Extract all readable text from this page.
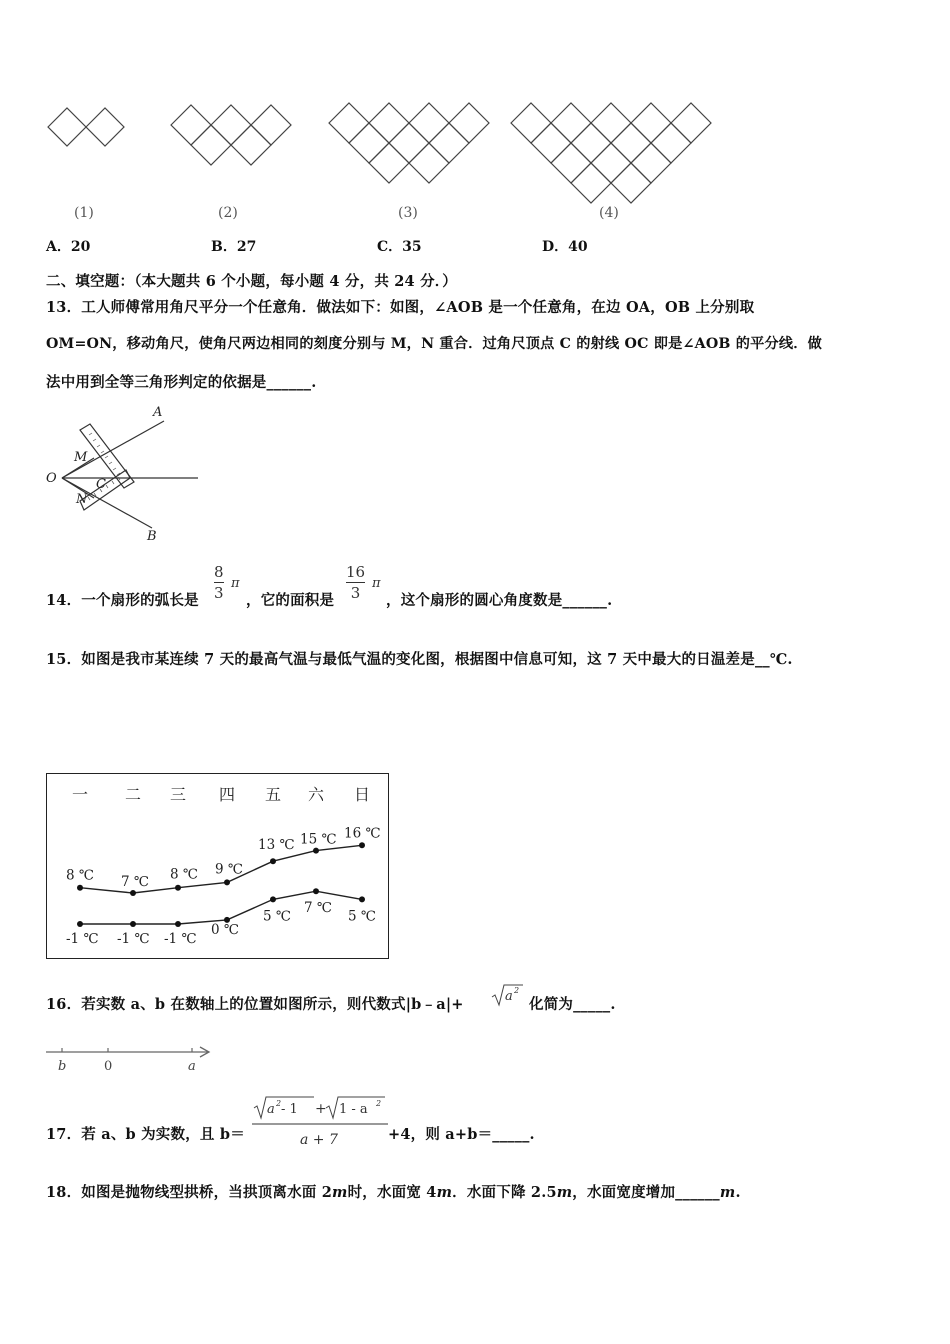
(1)	(2)	(3)	(4)
A．20	B．27	C．35	D．40
二、填空题：（本大题共 6 个小题，每小题 4 分，共 24 分．）
13．工人师傅常用角尺平分一个任意角．做法如下：如图，∠AOB 是一个任意角，在边 OA，OB 上分别取
OM=ON，移动角尺，使角尺两边相同的刻度分别与 M，N 重合．过角尺顶点 C 的射线 OC 即是∠AOB 的平分线．做
法中用到全等三角形判定的依据是______.
A
B
O
M
N
C
14．一个扇形的弧长是
8
3
π
，它的面积是
16
3
π
，这个扇形的圆心角度数是______.
15．如图是我市某连续 7 天的最高气温与最低气温的变化图，根据图中信息可知，这 7 天中最大的日温差是__℃.
一 二 三 四 五 六 日
8 ℃ 7 ℃ 8 ℃ 9 ℃
13 ℃ 15 ℃ 16 ℃
-1 ℃ -1 ℃ -1 ℃
0 ℃
5 ℃
7 ℃
5 ℃
16．若实数 a、b 在数轴上的位置如图所示，则代数式|b﹣a|+	a 2
化简为_____.
b	0	a
17．若 a、b 为实数，且 b＝
a 2 - 1 + 1 - a 2
a + 7	+4，则 a+b＝_____.
18．如图是抛物线型拱桥，当拱顶离水面 2m时，水面宽 4m．水面下降 2.5m，水面宽度增加______m.
